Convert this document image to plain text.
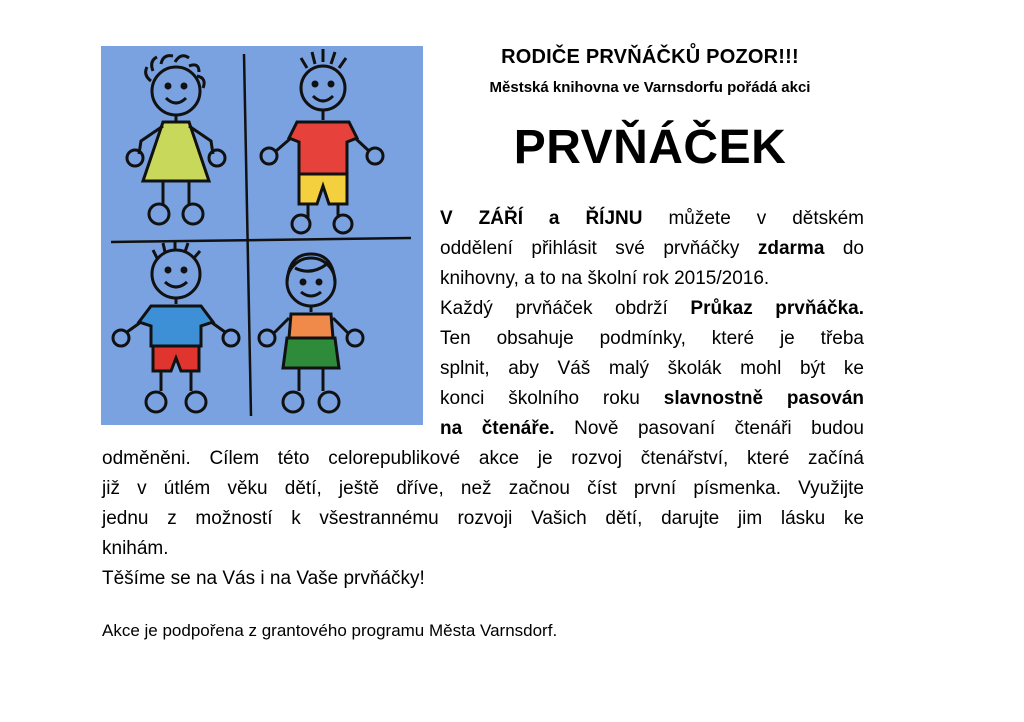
RODIČE PRVŇÁČKŮ POZOR!!!
Městská knihovna ve Varnsdorfu pořádá akci
PRVŇÁČEK
V ZÁŘÍ a ŘÍJNU můžete v dětském
oddělení přihlásit své prvňáčky zdarma do
knihovny, a to na školní rok 2015/2016.
Každý prvňáček obdrží Průkaz prvňáčka.
Ten obsahuje podmínky, které je třeba
splnit, aby Váš malý školák mohl být ke
konci školního roku slavnostně pasován
na čtenáře. Nově pasovaní čtenáři budou
odměněni. Cílem této celorepublikové akce je rozvoj čtenářství, které začíná
již v útlém věku dětí, ještě dříve, než začnou číst první písmenka. Využijte
jednu z možností k všestrannému rozvoji Vašich dětí, darujte jim lásku ke
knihám.
Těšíme se na Vás i na Vaše prvňáčky!
Akce je podpořena z grantového programu Města Varnsdorf.
